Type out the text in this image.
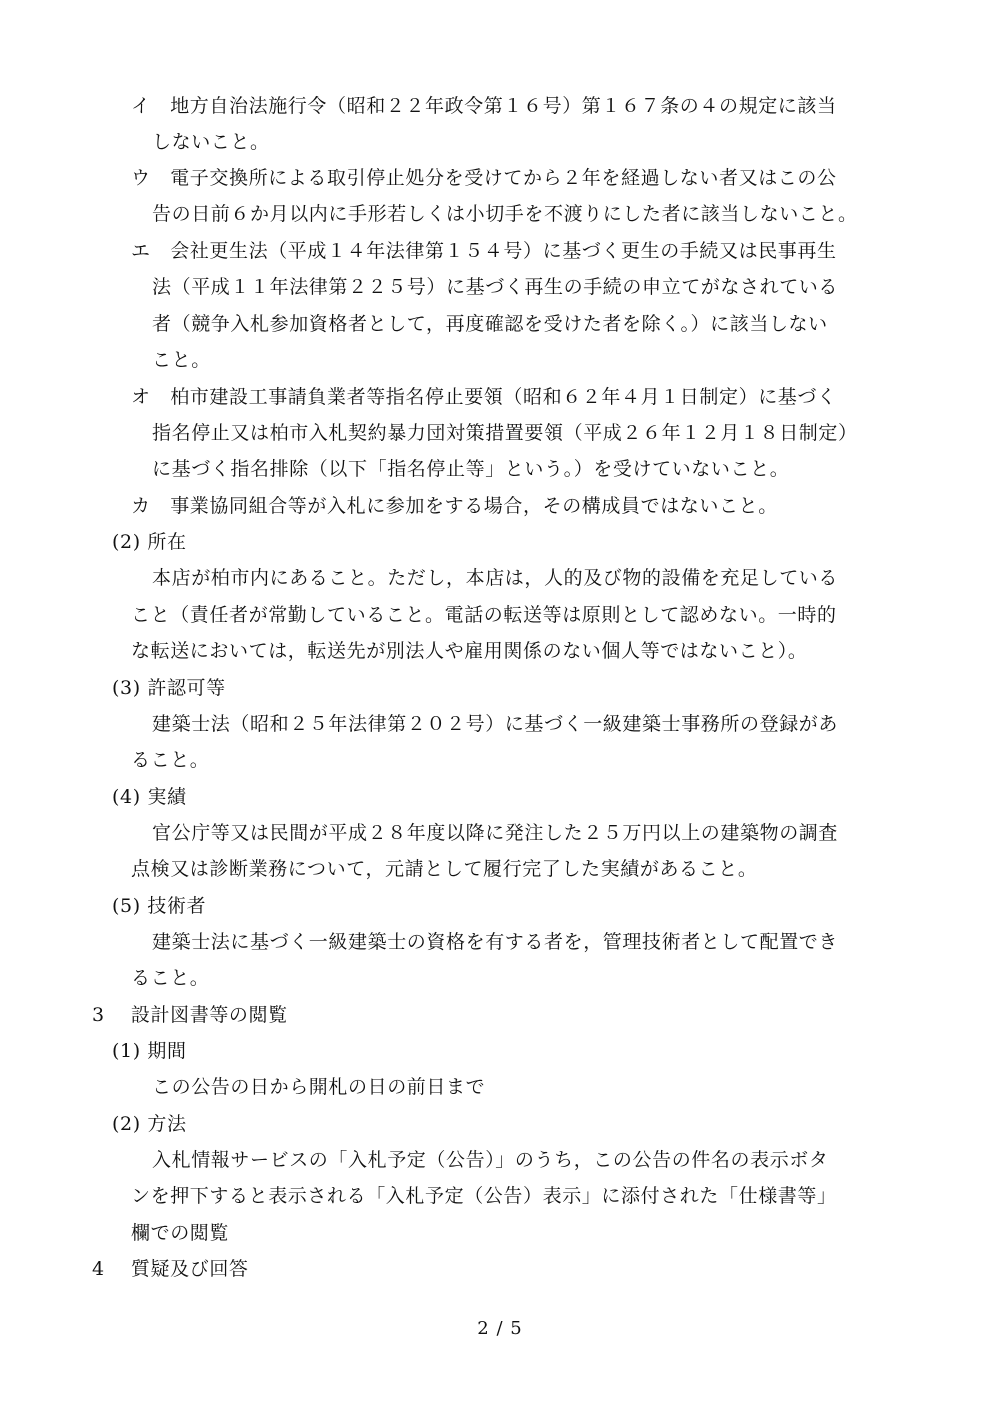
イ　地方自治法施行令（昭和２２年政令第１６号）第１６７条の４の規定に該当
しないこと。
ウ　電子交換所による取引停止処分を受けてから２年を経過しない者又はこの公
告の日前６か月以内に手形若しくは小切手を不渡りにした者に該当しないこと。
エ　会社更生法（平成１４年法律第１５４号）に基づく更生の手続又は民事再生
法（平成１１年法律第２２５号）に基づく再生の手続の申立てがなされている
者（競争入札参加資格者として，再度確認を受けた者を除く。）に該当しない
こと。
オ　柏市建設工事請負業者等指名停止要領（昭和６２年４月１日制定）に基づく
指名停止又は柏市入札契約暴力団対策措置要領（平成２６年１２月１８日制定）
に基づく指名排除（以下「指名停止等」という。）を受けていないこと。
カ　事業協同組合等が入札に参加をする場合，その構成員ではないこと。
(2) 所在
本店が柏市内にあること。ただし，本店は，人的及び物的設備を充足している
こと（責任者が常勤していること。電話の転送等は原則として認めない。一時的
な転送においては，転送先が別法人や雇用関係のない個人等ではないこと）。
(3) 許認可等
建築士法（昭和２５年法律第２０２号）に基づく一級建築士事務所の登録があ
ること。
(4) 実績
官公庁等又は民間が平成２８年度以降に発注した２５万円以上の建築物の調査
点検又は診断業務について，元請として履行完了した実績があること。
(5) 技術者
建築士法に基づく一級建築士の資格を有する者を，管理技術者として配置でき
ること。
3　 設計図書等の閲覧
(1) 期間
この公告の日から開札の日の前日まで
(2) 方法
入札情報サービスの「入札予定（公告）」のうち，この公告の件名の表示ボタ
ンを押下すると表示される「入札予定（公告）表示」に添付された「仕様書等」
欄での閲覧
4　 質疑及び回答
2 / 5
